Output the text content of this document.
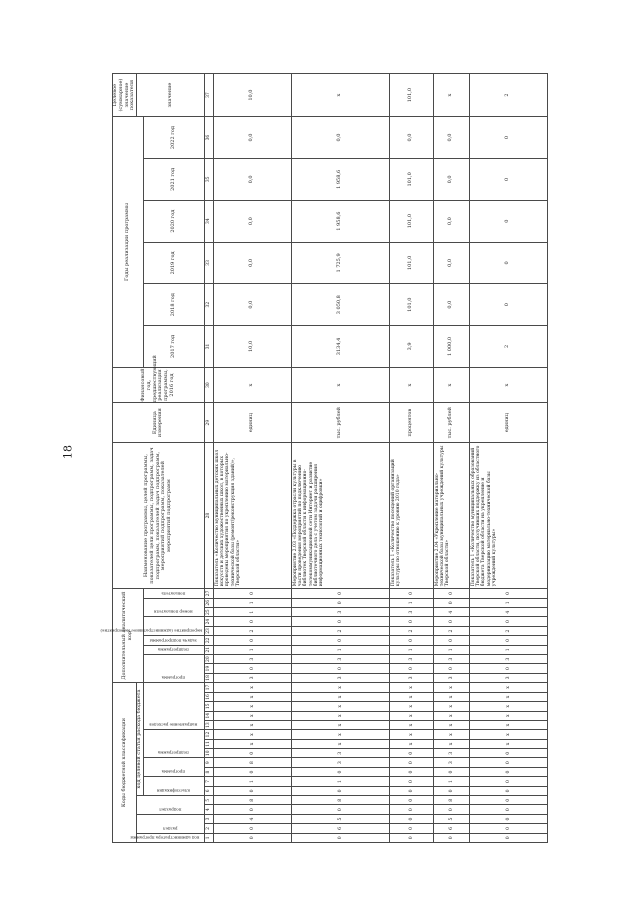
18
Коды бюджетной классификации																	Дополнительный аналитический код										Наименование программы, целей программы, показателей цели программы, подпрограмм, задач подпрограмм, показателей задач подпрограмм, мероприятий подпрограмм, показателей мероприятий подпрограмм	Единица измерения	Финансовый год, предшествующий реализации программы, 2016 год	Годы реализации программы						Целевое (суммарное) значение показателя

код администратора программы	раздел		подраздел		код целевой статьи расхода бюджета																															значение

					классификация		программа		подпрограмма			направление расходов					программа			подпрограмма	задача подпрограммы	мероприятие (административное мероприятие)		номер показателя		показатель				2017 год	2018 год	2019 год	2020 год	2021 год	2022 год	
1	2	3	4	5	6	7	8	9	10	11	12	13	14	15	16	17	18	19	20	21	22	23	24	25	26	27	28	29	30	31	32	33	34	35	36	37
0	0	4	0	8	0	1	0	8	0	x	x	x	x	x	x	x	3	0	3	1	0	2	0	1	1	0	Показатель «Количество муниципальных детских школ искусств и детских художественных школ, в которых проведены мероприятия по укреплению материально-технической базы (ремонт/реконструкция зданий)», Тверской области»	единиц	x	10,0	0,0	0,0	0,0	0,0	0,0	10,0
0	6	5	0	8	0	1	0	3	3	x	x	x	x	x	x	x	3	0	3	1	0	2	0	3	0	0	Мероприятие 2.03 «Поддержка отрасли культуры в части проведения мероприятий по подключению библиотек Тверской области к информационно-телекоммуникационной сети Интернет и развитие библиотечного дела с учетом задачи расширения информационных технологий и оцифровки»	тыс. рублей	x	3134,4	3 050,8	1 725,9	1 958,6	1 958,6	0,0	x
0	0	0	0	0	0	0	0	0	0	x	x	x	x	x	x	x	3	0	3	1	0	2	0	3	1	0	Показатель 1 «Количество посещений организаций культуры по отношению к уровню 2010 года»	процентов	x	3,9	101,0	101,0	101,0	101,0	0,0	101,0
0	6	5	0	8	0	1	0	3	3	x	x	x	x	x	x	x	3	0	3	1	0	2	0	4	0	0	Мероприятие 2.04 «Укрепление материально-технической базы муниципальных учреждений культуры Тверской области»	тыс. рублей	x	1 000,0	0,0	0,0	0,0	0,0	0,0	x
0	0	0	0	0	0	0	0	0	0	x	x	x	x	x	x	x	3	0	3	1	0	2	0	4	1	0	Показатель 1 «Количество муниципальных образований Тверской области, получивших поддержку из областного бюджета Тверской области на укрепление и модернизацию материально-технической базы учреждений культуры»	единиц	x	2	0	0	0	0	0	2
